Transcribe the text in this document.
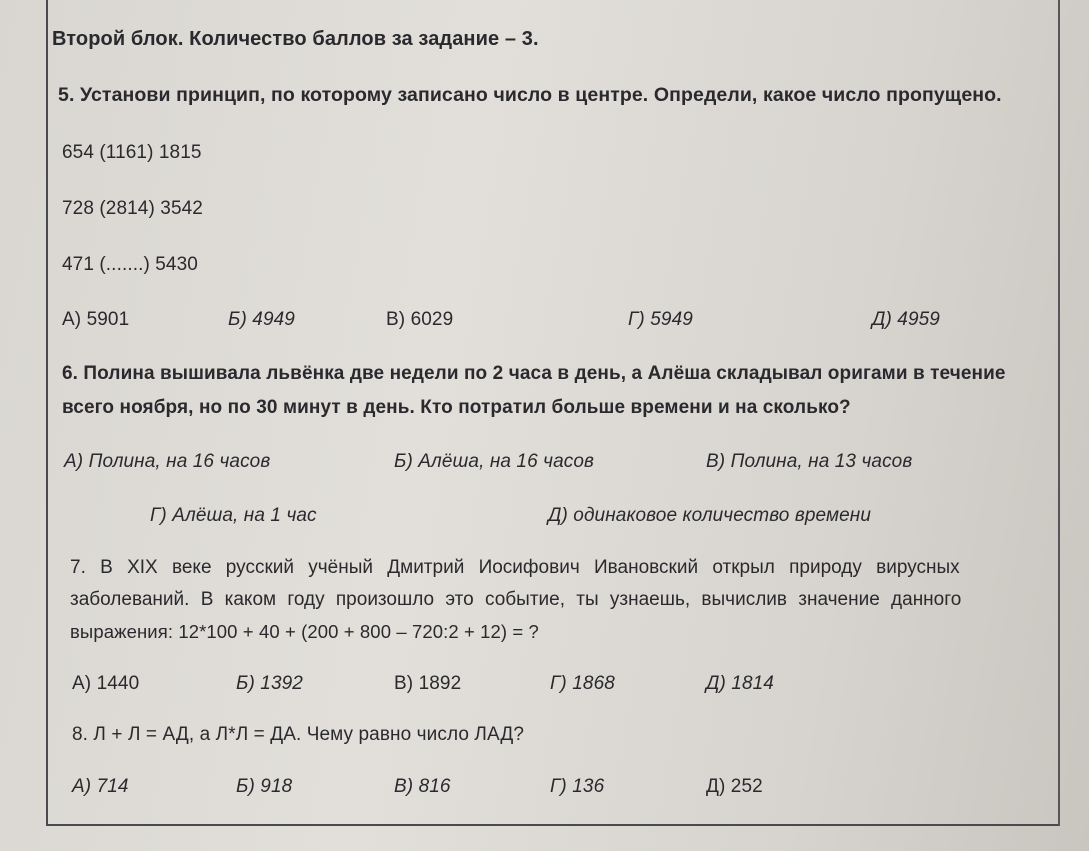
Второй блок. Количество баллов за задание – 3.
5. Установи принцип, по которому записано число в центре. Определи, какое число пропущено.
654 (1161) 1815
728 (2814) 3542
471 (.......) 5430
А) 5901	Б) 4949	В) 6029	Г) 5949	Д) 4959
6. Полина вышивала львёнка две недели по 2 часа в день, а Алёша складывал оригами в течение
всего ноября, но по 30 минут в день. Кто потратил больше времени и на сколько?
А) Полина, на 16 часов	Б) Алёша, на 16 часов	В) Полина, на 13 часов
Г) Алёша, на 1 час	Д) одинаковое количество времени
7. В XIX веке русский учёный Дмитрий Иосифович Ивановский открыл природу вирусных
заболеваний. В каком году произошло это событие, ты узнаешь, вычислив значение данного
выражения: 12*100 + 40 + (200 + 800 – 720:2 + 12) = ?
А) 1440	Б) 1392	В) 1892	Г) 1868	Д) 1814
8. Л + Л = АД, а Л*Л = ДА. Чему равно число ЛАД?
А) 714	Б) 918	В) 816	Г) 136	Д) 252
